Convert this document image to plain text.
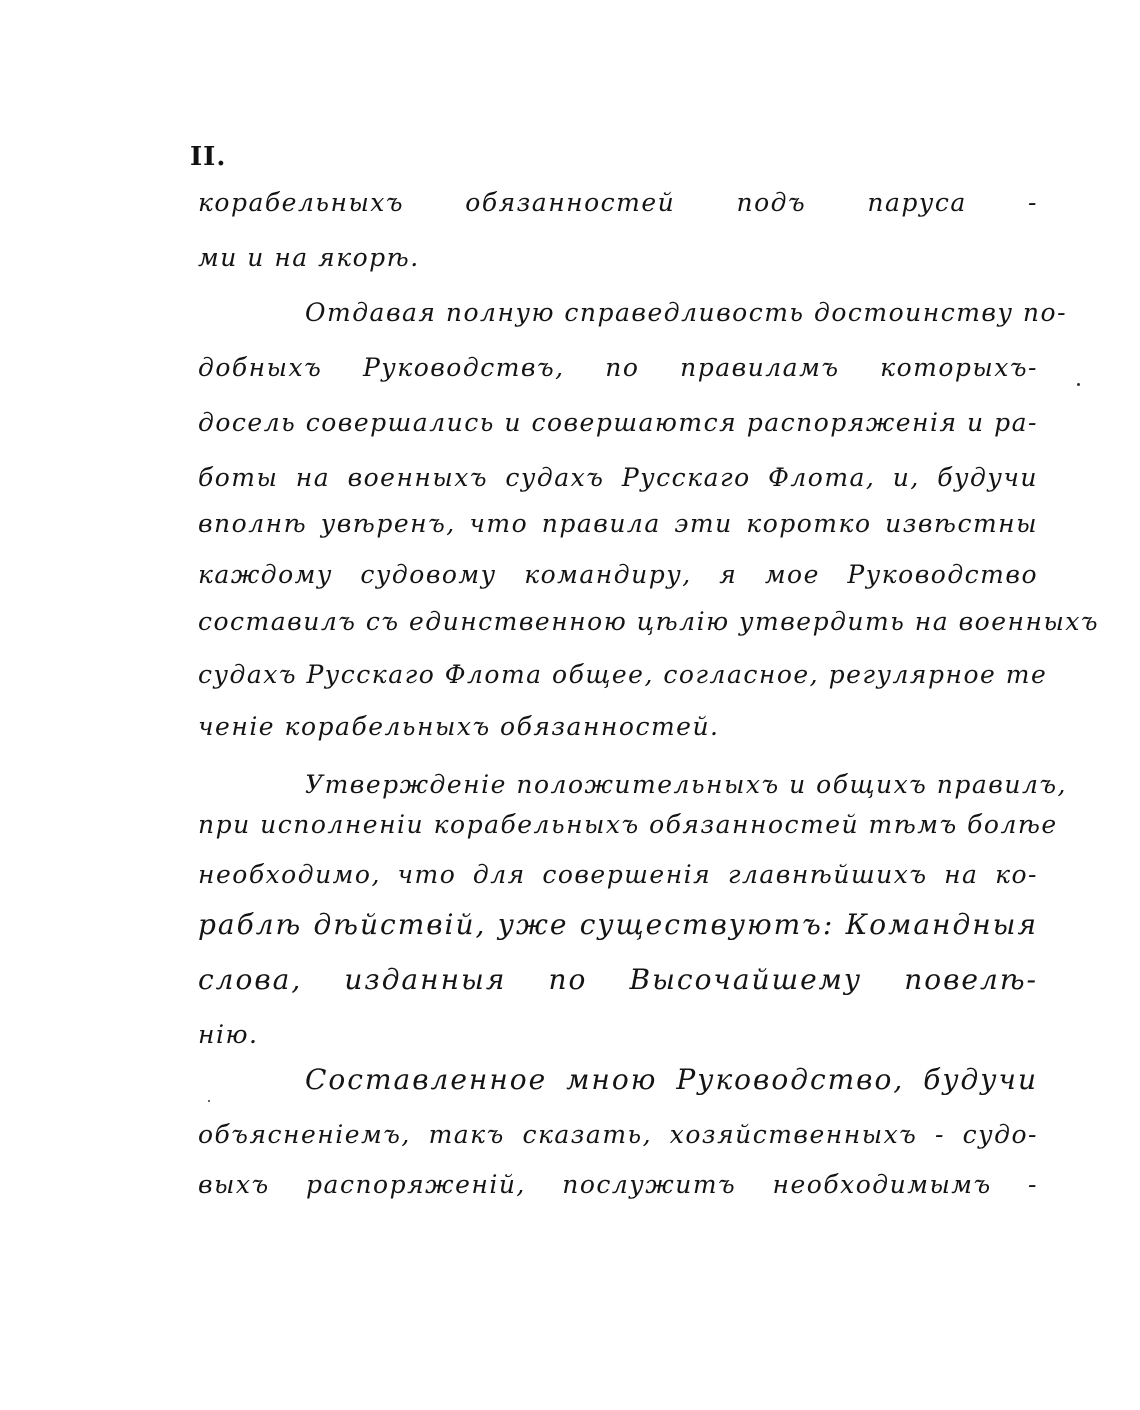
II.
корабельныхъ обязанностей подъ паруса -
ми и на якорѣ.
Отдавая полную справедливость достоинству по-
добныхъ Руководствъ, по правиламъ которыхъ-
досель совершались и совершаются распоряженія и ра-
боты на военныхъ судахъ Русскаго Флота, и, будучи
вполнѣ увѣренъ, что правила эти коротко извѣстны
каждому судовому командиру, я мое Руководство
составилъ съ единственною цѣлію утвердить на военныхъ
судахъ Русскаго Флота общее, согласное, регулярное те
ченіе корабельныхъ обязанностей.
Утвержденіе положительныхъ и общихъ правилъ,
при исполненіи корабельныхъ обязанностей тѣмъ болѣе
необходимо, что для совершенія главнѣйшихъ на ко-
раблѣ дѣйствій, уже существуютъ: Командныя
слова, изданныя по Высочайшему повелѣ-
нію.
Составленное мною Руководство, будучи
объясненіемъ, такъ сказать, хозяйственныхъ - судо-
выхъ распоряженій, послужитъ необходимымъ -
